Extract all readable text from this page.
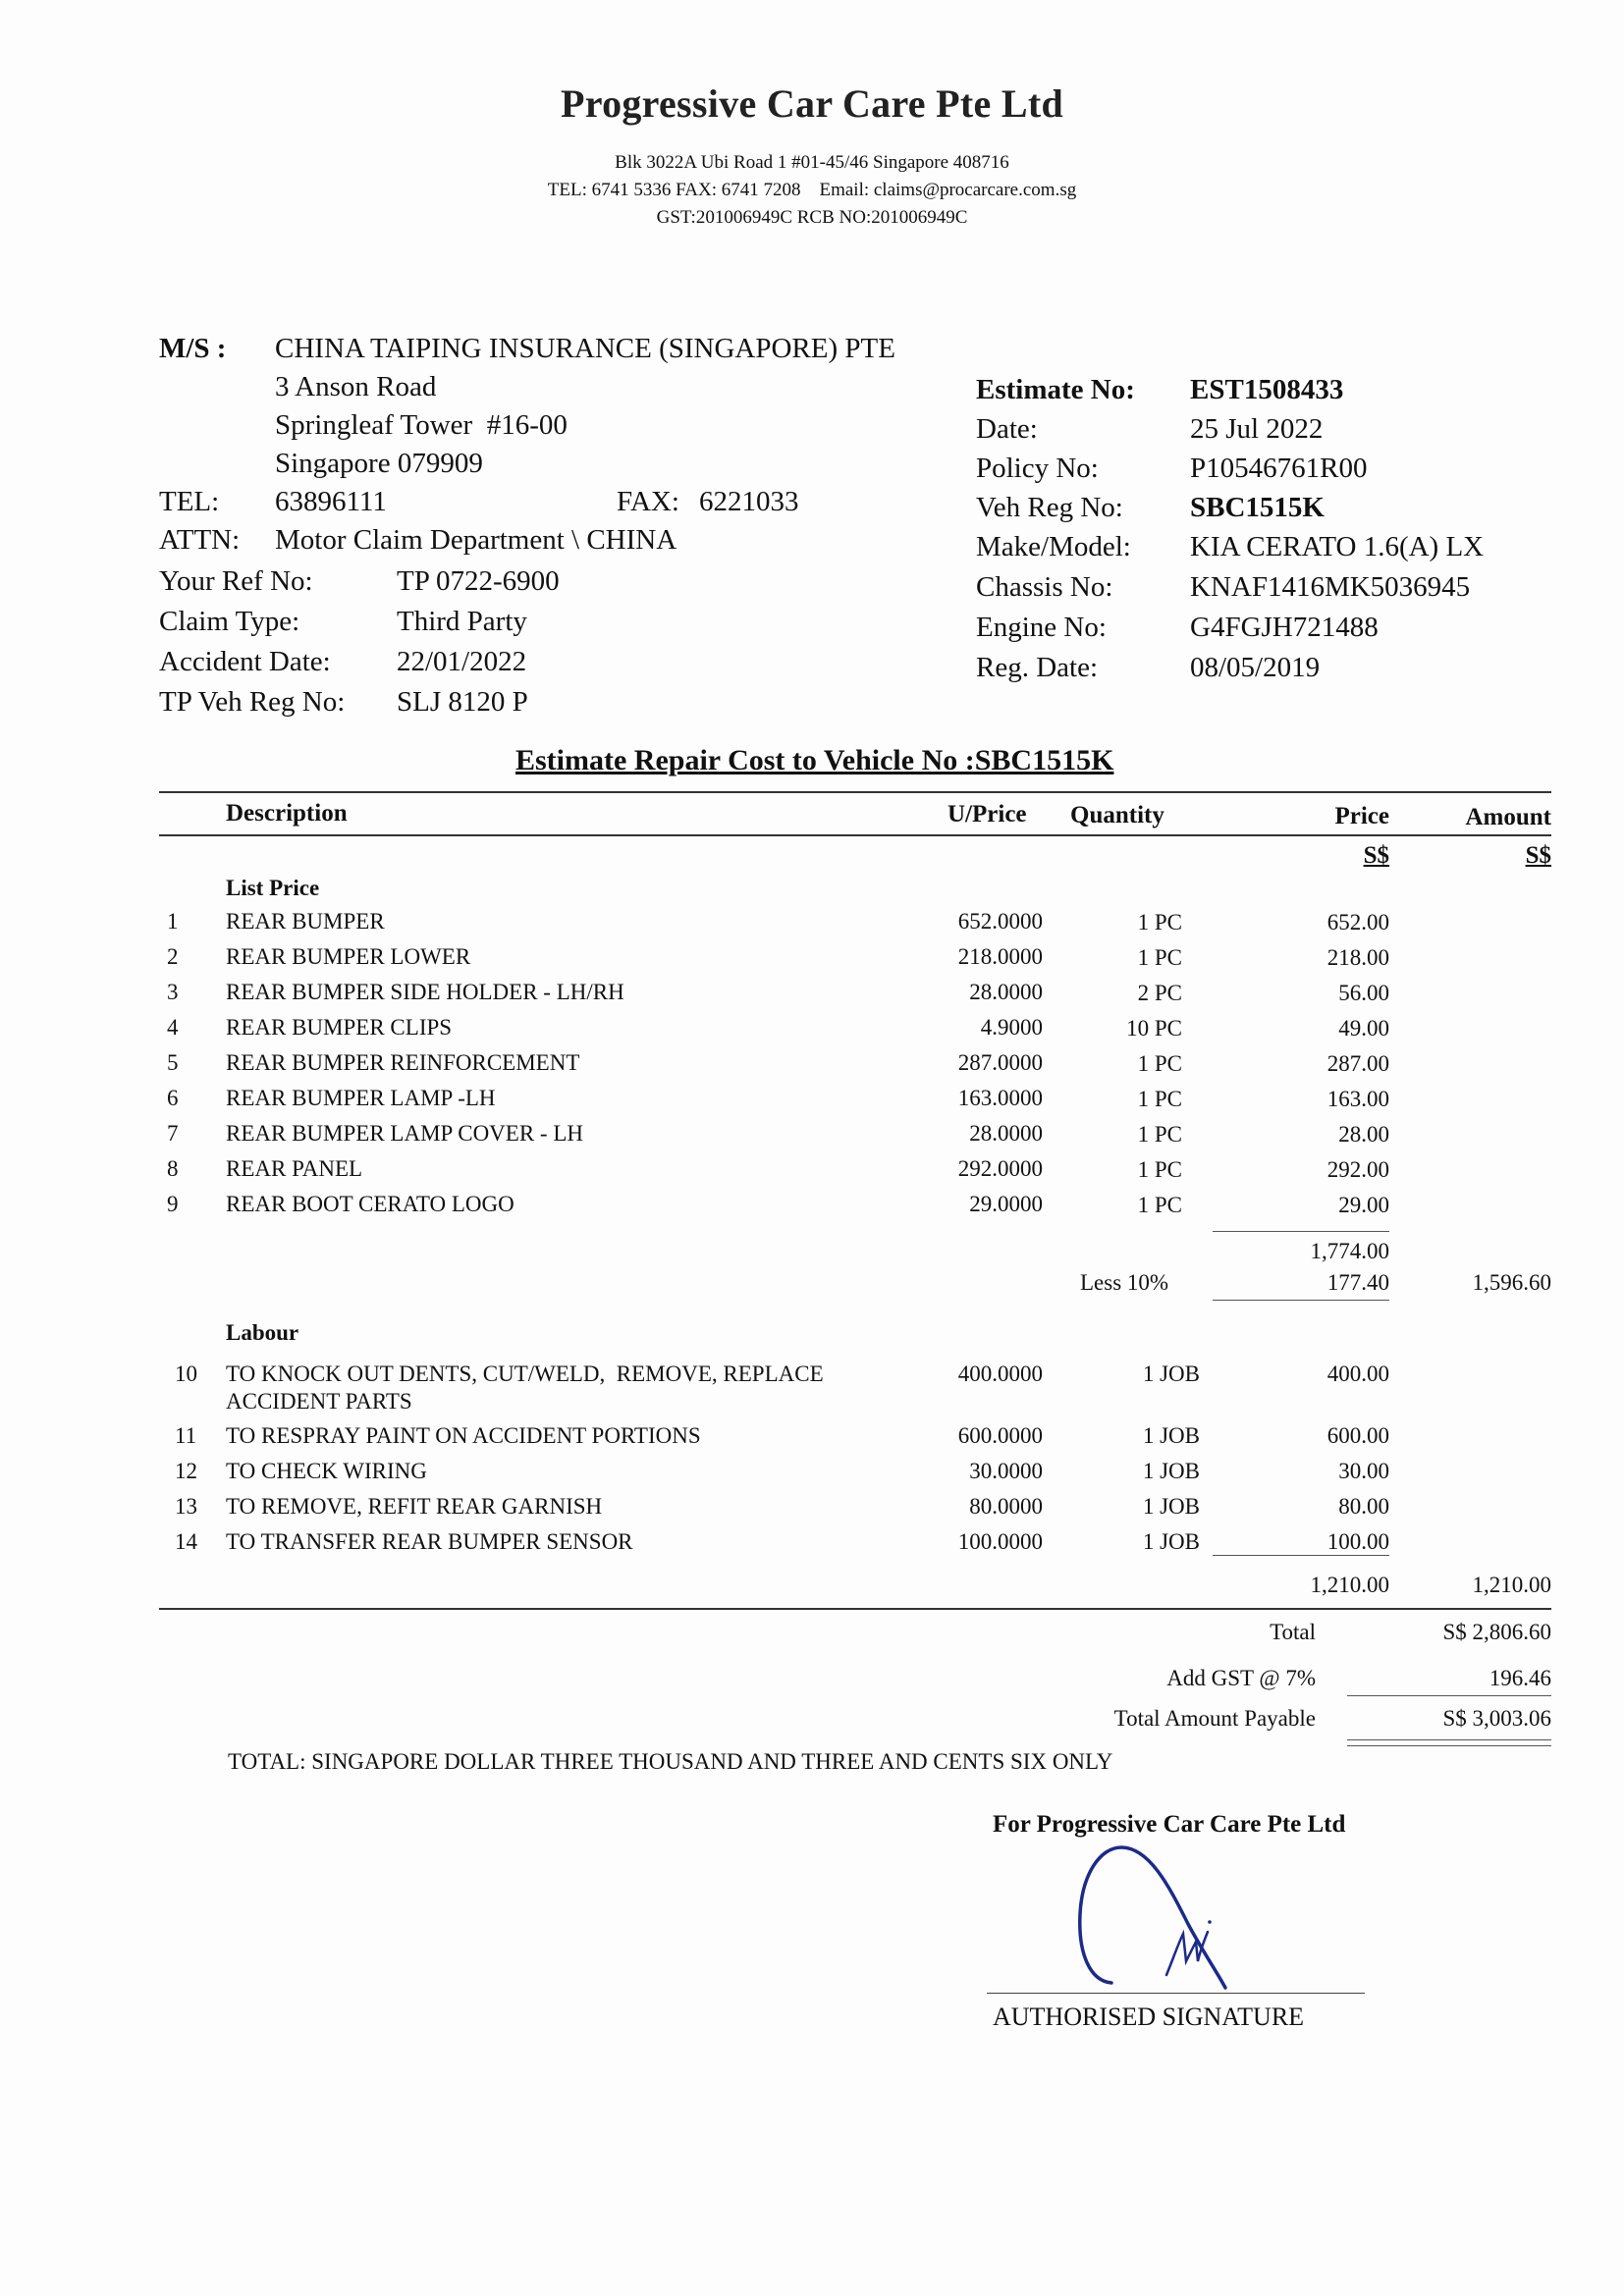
Progressive Car Care Pte Ltd
Blk 3022A Ubi Road 1 #01-45/46 Singapore 408716
TEL: 6741 5336 FAX: 6741 7208    Email: claims@procarcare.com.sg
GST:201006949C RCB NO:201006949C
M/S : CHINA TAIPING INSURANCE (SINGAPORE) PTE
3 Anson Road
Springleaf Tower  #16-00
Singapore 079909
TEL: 63896111	FAX: 6221033
ATTN: Motor Claim Department \ CHINA
Your Ref No:	TP 0722-6900
Claim Type:	Third Party
Accident Date: 22/01/2022
TP Veh Reg No: SLJ 8120 P
Estimate No: EST1508433
Date:	25 Jul 2022
Policy No:	P10546761R00
Veh Reg No: SBC1515K
Make/Model: KIA CERATO 1.6(A) LX
Chassis No:	KNAF1416MK5036945
Engine No:	G4FGJH721488
Reg. Date:	08/05/2019
Estimate Repair Cost to Vehicle No :SBC1515K
Description	U/Price Quantity	Price	Amount
S$	S$
List Price
1	REAR BUMPER	652.0000	1 PC	652.00
2	REAR BUMPER LOWER	218.0000	1 PC	218.00
3	REAR BUMPER SIDE HOLDER - LH/RH	28.0000	2 PC	56.00
4	REAR BUMPER CLIPS	4.9000	10 PC	49.00
5	REAR BUMPER REINFORCEMENT	287.0000	1 PC	287.00
6	REAR BUMPER LAMP -LH	163.0000	1 PC	163.00
7	REAR BUMPER LAMP COVER - LH	28.0000	1 PC	28.00
8	REAR PANEL	292.0000	1 PC	292.00
9	REAR BOOT CERATO LOGO	29.0000	1 PC	29.00
1,774.00
Less 10%	177.40	1,596.60
Labour
10	TO KNOCK OUT DENTS, CUT/WELD,  REMOVE, REPLACE
ACCIDENT PARTS
400.0000	1 JOB	400.00
11	TO RESPRAY PAINT ON ACCIDENT PORTIONS	600.0000	1 JOB	600.00
12	TO CHECK WIRING	30.0000	1 JOB	30.00
13	TO REMOVE, REFIT REAR GARNISH	80.0000	1 JOB	80.00
14	TO TRANSFER REAR BUMPER SENSOR	100.0000	1 JOB	100.00
1,210.00	1,210.00
Total	S$ 2,806.60
Add GST @ 7%	196.46
Total Amount Payable	S$ 3,003.06
TOTAL: SINGAPORE DOLLAR THREE THOUSAND AND THREE AND CENTS SIX ONLY
For Progressive Car Care Pte Ltd
AUTHORISED SIGNATURE
